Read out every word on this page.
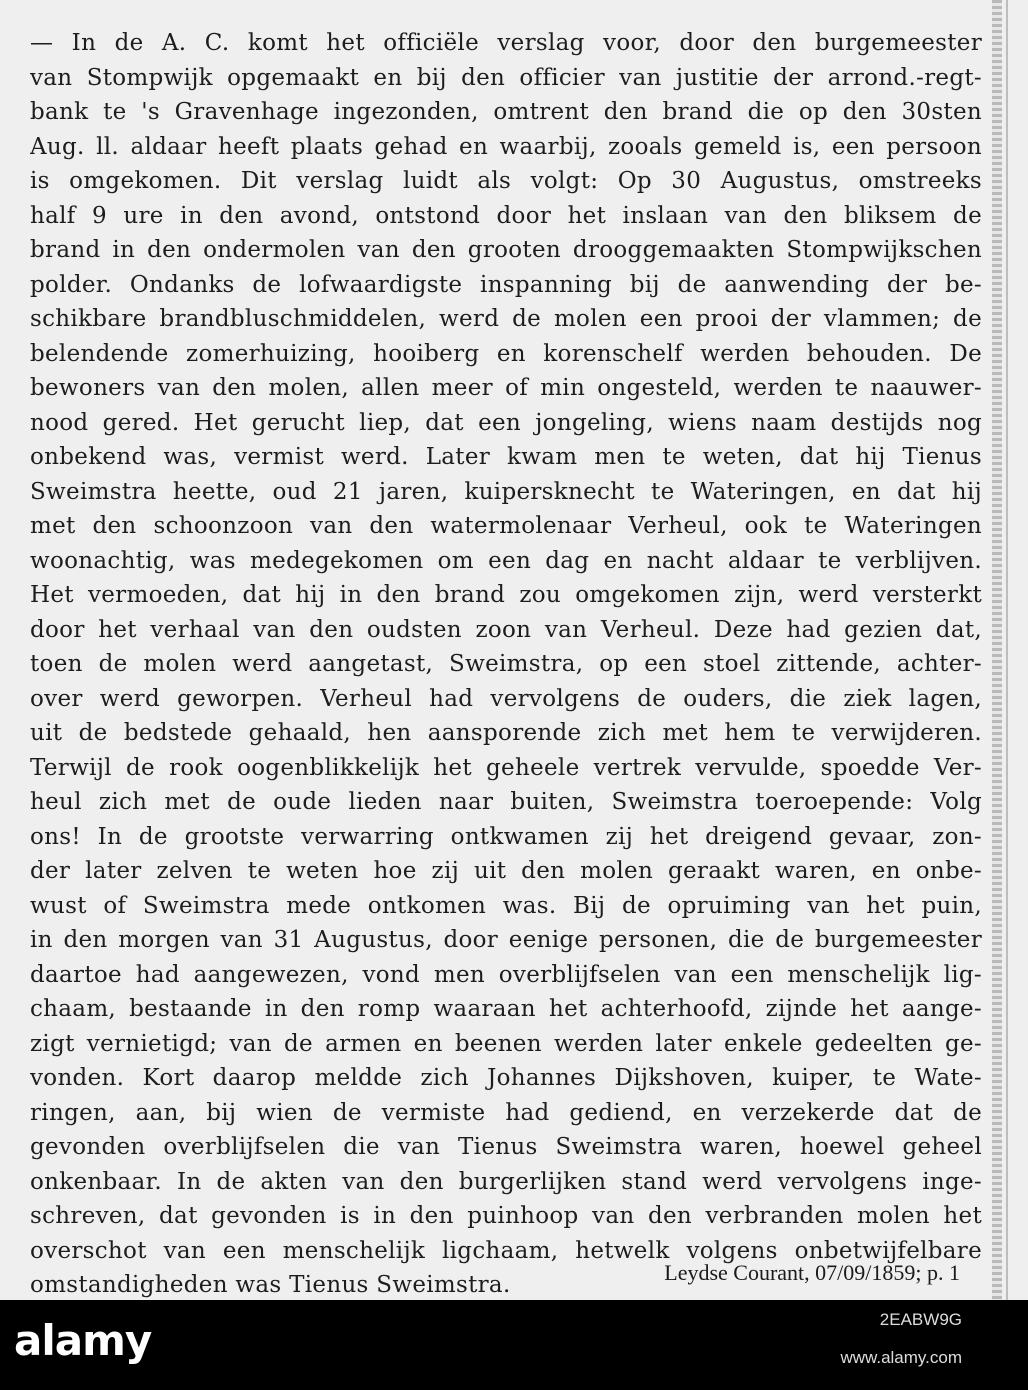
— In de A. C. komt het officiële verslag voor, door den burgemeester
van Stompwijk opgemaakt en bij den officier van justitie der arrond.-regt-
bank te 's Gravenhage ingezonden, omtrent den brand die op den 30sten
Aug. ll. aldaar heeft plaats gehad en waarbij, zooals gemeld is, een persoon
is omgekomen. Dit verslag luidt als volgt: Op 30 Augustus, omstreeks
half 9 ure in den avond, ontstond door het inslaan van den bliksem de
brand in den ondermolen van den grooten drooggemaakten Stompwijkschen
polder. Ondanks de lofwaardigste inspanning bij de aanwending der be-
schikbare brandbluschmiddelen, werd de molen een prooi der vlammen; de
belendende zomerhuizing, hooiberg en korenschelf werden behouden. De
bewoners van den molen, allen meer of min ongesteld, werden te naauwer-
nood gered. Het gerucht liep, dat een jongeling, wiens naam destijds nog
onbekend was, vermist werd. Later kwam men te weten, dat hij Tienus
Sweimstra heette, oud 21 jaren, kuipersknecht te Wateringen, en dat hij
met den schoonzoon van den watermolenaar Verheul, ook te Wateringen
woonachtig, was medegekomen om een dag en nacht aldaar te verblijven.
Het vermoeden, dat hij in den brand zou omgekomen zijn, werd versterkt
door het verhaal van den oudsten zoon van Verheul. Deze had gezien dat,
toen de molen werd aangetast, Sweimstra, op een stoel zittende, achter-
over werd geworpen. Verheul had vervolgens de ouders, die ziek lagen,
uit de bedstede gehaald, hen aansporende zich met hem te verwijderen.
Terwijl de rook oogenblikkelijk het geheele vertrek vervulde, spoedde Ver-
heul zich met de oude lieden naar buiten, Sweimstra toeroepende: Volg
ons! In de grootste verwarring ontkwamen zij het dreigend gevaar, zon-
der later zelven te weten hoe zij uit den molen geraakt waren, en onbe-
wust of Sweimstra mede ontkomen was. Bij de opruiming van het puin,
in den morgen van 31 Augustus, door eenige personen, die de burgemeester
daartoe had aangewezen, vond men overblijfselen van een menschelijk lig-
chaam, bestaande in den romp waaraan het achterhoofd, zijnde het aange-
zigt vernietigd; van de armen en beenen werden later enkele gedeelten ge-
vonden. Kort daarop meldde zich Johannes Dijkshoven, kuiper, te Wate-
ringen, aan, bij wien de vermiste had gediend, en verzekerde dat de
gevonden overblijfselen die van Tienus Sweimstra waren, hoewel geheel
onkenbaar. In de akten van den burgerlijken stand werd vervolgens inge-
schreven, dat gevonden is in den puinhoop van den verbranden molen het
overschot van een menschelijk ligchaam, hetwelk volgens onbetwijfelbare
omstandigheden was Tienus Sweimstra.	Leydse Courant, 07/09/1859; p. 1
alamy	2EABW9G
www.alamy.com
